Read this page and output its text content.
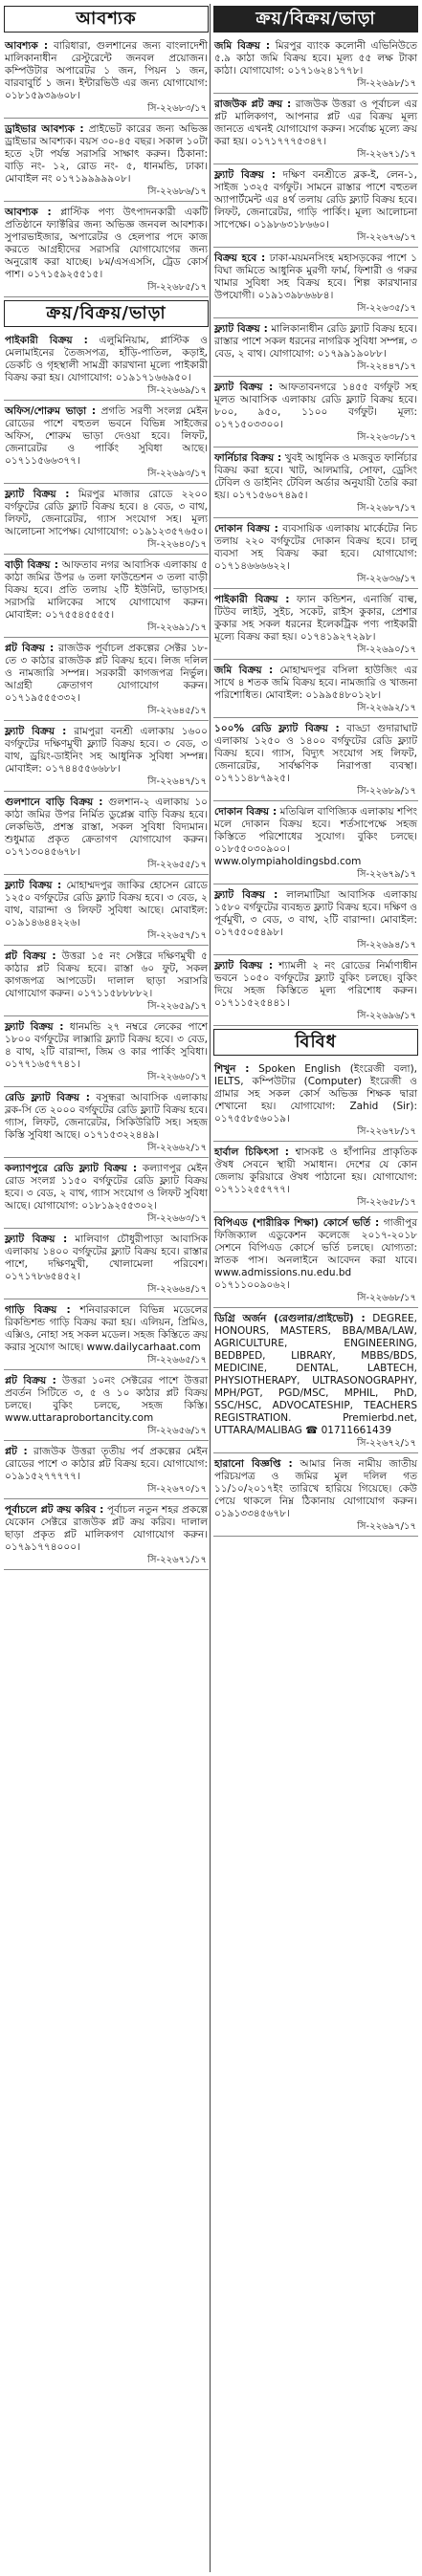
আবশ্যক

আবশ্যক : বারিধারা, গুলশানের জন্য বাংলাদেশী মালিকানাধীন রেস্টুরেন্টে জনবল প্রয়োজন। কম্পিউটার অপারেটর ১ জন, পিয়ন ১ জন, বারবাবুর্চি ১ জন। ইন্টারভিউ এর জন্য যোগাযোগ: ০১৮১৫৯৩৯৬০৮।

সি-২২৬৮৩/১৭

ড্রাইভার আবশ্যক : প্রাইভেট কারের জন্য অভিজ্ঞ ড্রাইভার আবশ্যক। বয়স ৩০-৪৫ বছর। সকাল ১০টা হতে ২টা পর্যন্ত সরাসরি সাক্ষাৎ করুন। ঠিকানা: বাড়ি নং- ১২, রোড নং- ৫, ধানমন্ডি, ঢাকা। মোবাইল নং ০১৭১৯৯৯৯৯০৮।

সি-২২৬৮৬/১৭

আবশ্যক : প্লাস্টিক পণ্য উৎপাদনকারী একটি প্রতিষ্ঠানে ফ্যাক্টরির জন্য অভিজ্ঞ জনবল আবশ্যক। সুপারভাইজার, অপারেটর ও হেলপার পদে কাজ করতে আগ্রহীদের সরাসরি যোগাযোগের জন্য অনুরোধ করা যাচ্ছে। ৮ম/এসএসসি, ট্রেড কোর্স পাশ। ০১৭১৫৯২৫৫১৫।

সি-২২৬৮৫/১৭
ক্রয়/বিক্রয়/ভাড়া

পাইকারী বিক্রয় : এলুমিনিয়াম, প্লাস্টিক ও মেলামাইনের তৈজসপত্র, হাঁড়ি-পাতিল, কড়াই, ডেকচি ও গৃহস্থালী সামগ্রী কারখানা মূল্যে পাইকারী বিক্রয় করা হয়। যোগাযোগ: ০১৯১৭১৬৬৯৫০।

সি-২২৬৬৯/১৭

অফিস/শোরুম ভাড়া : প্রগতি সরণী সংলগ্ন মেইন রোডের পাশে বহুতল ভবনে বিভিন্ন সাইজের অফিস, শোরুম ভাড়া দেওয়া হবে। লিফট, জেনারেটর ও পার্কিং সুবিধা আছে। ০১৭১১৫৬৬৩৭৭।

সি-২২৬৯৩/১৭

ফ্ল্যাট বিক্রয় : মিরপুর মাজার রোডে ২২০০ বর্গফুটের রেডি ফ্ল্যাট বিক্রয় হবে। ৪ বেড, ৩ বাথ, লিফট, জেনারেটর, গ্যাস সংযোগ সহ। মূল্য আলোচনা সাপেক্ষ। যোগাযোগ: ০১৯১২৩৫৭৬৫০।

সি-২২৬৪০/১৭

বাড়ী বিক্রয় : আফতাব নগর আবাসিক এলাকায় ৫ কাঠা জমির উপর ৬ তলা ফাউন্ডেশন ৩ তলা বাড়ী বিক্রয় হবে। প্রতি তলায় ২টি ইউনিট, ভাড়াসহ। সরাসরি মালিকের সাথে যোগাযোগ করুন। মোবাইল: ০১৭৫৫৪৫৫৫৫।

সি-২২৬৯১/১৭

প্লট বিক্রয় : রাজউক পূর্বাচল প্রকল্পের সেক্টর ১৮-তে ৩ কাঠার রাজউক প্লট বিক্রয় হবে। লিজ দলিল ও নামজারি সম্পন্ন। সরকারী কাগজপত্র নির্ভুল। আগ্রহী ক্রেতাগণ যোগাযোগ করুন। ০১৭১৯৫৫৫৩৩২।

সি-২২৬৪৫/১৭

ফ্ল্যাট বিক্রয় : রামপুরা বনশ্রী এলাকায় ১৬০০ বর্গফুটের দক্ষিণমুখী ফ্ল্যাট বিক্রয় হবে। ৩ বেড, ৩ বাথ, ড্রয়িং-ডাইনিং সহ আধুনিক সুবিধা সম্পন্ন। মোবাইল: ০১৭৪৪৫৫৬৬৮৮।

সি-২২৬৪৭/১৭

গুলশানে বাড়ি বিক্রয় : গুলশান-২ এলাকায় ১০ কাঠা জমির উপর নির্মিত ডুপ্লেক্স বাড়ি বিক্রয় হবে। লেকভিউ, প্রশস্ত রাস্তা, সকল সুবিধা বিদ্যমান। শুধুমাত্র প্রকৃত ক্রেতাগণ যোগাযোগ করুন। ০১৭১৩০৪৫৬৭৮।

সি-২২৬৫৫/১৭

ফ্ল্যাট বিক্রয় : মোহাম্মদপুর জাকির হোসেন রোডে ১২৫০ বর্গফুটের রেডি ফ্ল্যাট বিক্রয় হবে। ৩ বেড, ২ বাথ, বারান্দা ও লিফট সুবিধা আছে। মোবাইল: ০১৯১৪৬৪৪২২৬।

সি-২২৬৫৭/১৭

প্লট বিক্রয় : উত্তরা ১৫ নং সেক্টরে দক্ষিণমুখী ৫ কাঠার প্লট বিক্রয় হবে। রাস্তা ৬০ ফুট, সকল কাগজপত্র আপডেট। দালাল ছাড়া সরাসরি যোগাযোগ করুন। ০১৭১১৫৮৮৮৮২।

সি-২২৬৫৯/১৭

ফ্ল্যাট বিক্রয় : ধানমন্ডি ২৭ নম্বরে লেকের পাশে ১৮০০ বর্গফুটের লাক্সারি ফ্ল্যাট বিক্রয় হবে। ৩ বেড, ৪ বাথ, ২টি বারান্দা, জিম ও কার পার্কিং সুবিধা। ০১৭৭১৬৫৭৭৪১।

সি-২২৬৬০/১৭

রেডি ফ্ল্যাট বিক্রয় : বসুন্ধরা আবাসিক এলাকায় ব্লক-সি তে ২০০০ বর্গফুটের রেডি ফ্ল্যাট বিক্রয় হবে। গ্যাস, লিফট, জেনারেটর, সিকিউরিটি সহ। সহজ কিস্তি সুবিধা আছে। ০১৭১৫৩২২৪৪৯।

সি-২২৬৬২/১৭

কল্যাণপুরে রেডি ফ্ল্যাট বিক্রয় : কল্যাণপুর মেইন রোড সংলগ্ন ১১৫০ বর্গফুটের রেডি ফ্ল্যাট বিক্রয় হবে। ৩ বেড, ২ বাথ, গ্যাস সংযোগ ও লিফট সুবিধা আছে। যোগাযোগ: ০১৮১৯২৫৫৩০২।

সি-২২৬৬৩/১৭

ফ্ল্যাট বিক্রয় : মালিবাগ চৌধুরীপাড়া আবাসিক এলাকায় ১৪০০ বর্গফুটের ফ্ল্যাট বিক্রয় হবে। রাস্তার পাশে, দক্ষিণমুখী, খোলামেলা পরিবেশ। ০১৭১৭৮৬৫৪৫২।

সি-২২৬৬৪/১৭

গাড়ি বিক্রয় : শনিবারকালে বিভিন্ন মডেলের রিকন্ডিশন্ড গাড়ি বিক্রয় করা হয়। এলিয়ন, প্রিমিও, এক্সিও, নোহা সহ সকল মডেল। সহজ কিস্তিতে ক্রয় করার সুযোগ আছে। www.dailycarhaat.com

সি-২২৬৬৫/১৭

প্লট বিক্রয় : উত্তরা ১০নং সেক্টরের পাশে উত্তরা প্রবর্তন সিটিতে ৩, ৫ ও ১০ কাঠার প্লট বিক্রয় চলছে। বুকিং চলছে, সহজ কিস্তি। www.uttaraprobortancity.com

সি-২২৬৫৬/১৭

প্লট : রাজউক উত্তরা তৃতীয় পর্ব প্রকল্পের মেইন রোডের পাশে ৩ কাঠার প্লট বিক্রয় হবে। যোগাযোগ: ০১৯১৫২৭৭৭৭৭।

সি-২২৬৭০/১৭

পূর্বাচলে প্লট ক্রয় করিব : পূর্বাচল নতুন শহর প্রকল্পে যেকোন সেক্টরে রাজউক প্লট ক্রয় করিব। দালাল ছাড়া প্রকৃত প্লট মালিকগণ যোগাযোগ করুন। ০১৭৯১৭৭৪০০০।

সি-২২৬৭১/১৭
ক্রয়/বিক্রয়/ভাড়া

জমি বিক্রয় : মিরপুর ব্যাংক কলোনী এভিনিউতে ৫.৯ কাঠা জমি বিক্রয় হবে। মূল্য ৫৫ লক্ষ টাকা কাঠা। যোগাযোগ: ০১৭১৬২৪১৭৭৮।

সি-২২৬৯৮/১৭

রাজউক প্লট ক্রয় : রাজউক উত্তরা ও পূর্বাচল এর প্লট মালিকগণ, আপনার প্লট এর বিক্রয় মূল্য জানতে এখনই যোগাযোগ করুন। সর্বোচ্চ মূল্যে ক্রয় করা হয়। ০১৭১৭৭৭৫৩৪৭।

সি-২২৬৭১/১৭

ফ্ল্যাট বিক্রয় : দক্ষিণ বনশ্রীতে ব্লক-ই, লেন-১, সাইজ ১৩২৫ বর্গফুট। সামনে রাস্তার পাশে বহুতল অ্যাপার্টমেন্ট এর ৪র্থ তলায় রেডি ফ্ল্যাট বিক্রয় হবে। লিফট, জেনারেটর, গাড়ি পার্কিং। মূল্য আলোচনা সাপেক্ষে। ০১৯৮৬৩১৮৬৬০।

সি-২২৬৭৬/১৭

বিক্রয় হবে : ঢাকা-ময়মনসিংহ মহাসড়কের পাশে ১ বিঘা জমিতে আধুনিক মুরগী ফার্ম, ফিশারী ও গরুর খামার সুবিধা সহ বিক্রয় হবে। শিল্প কারখানার উপযোগী। ০১৯১৩৯৮৬৬৮৪।

সি-২২৬৩৫/১৭

ফ্ল্যাট বিক্রয় : মালিকানাধীন রেডি ফ্ল্যাট বিক্রয় হবে। রাস্তার পাশে সকল ধরনের নাগরিক সুবিধা সম্পন্ন, ৩ বেড, ২ বাথ। যোগাযোগ: ০১৭৯৯১৯০৮৮।

সি-২২৪৪৭/১৭

ফ্ল্যাট বিক্রয় : আফতাবনগরে ১৪৫৫ বর্গফুট সহ মূলত আবাসিক এলাকায় রেডি ফ্ল্যাট বিক্রয় হবে। ৮০০, ৯৫০, ১১০০ বর্গফুট। মূল্য: ০১৭১৫০৩৩০০।

সি-২২৬৩৮/১৭

ফার্নিচার বিক্রয় : খুবই আধুনিক ও মজবুত ফার্নিচার বিক্রয় করা হবে। খাট, আলমারি, সোফা, ড্রেসিং টেবিল ও ডাইনিং টেবিল অর্ডার অনুযায়ী তৈরি করা হয়। ০১৭১৫৬০৭৪৯৫।

সি-২২৬৮৭/১৭

দোকান বিক্রয় : ব্যবসায়িক এলাকায় মার্কেটের নিচ তলায় ২২০ বর্গফুটের দোকান বিক্রয় হবে। চালু ব্যবসা সহ বিক্রয় করা হবে। যোগাযোগ: ০১৭১৪৬৬৬৬২২।

সি-২২৬৩৬/১৭

পাইকারী বিক্রয় : ফ্যান কন্ডিশন, এনার্জি বাল্ব, টিউব লাইট, সুইচ, সকেট, রাইস কুকার, প্রেশার কুকার সহ সকল ধরনের ইলেকট্রিক পণ্য পাইকারী মূল্যে বিক্রয় করা হয়। ০১৭৪১৯২৭২৯৮।

সি-২২৬৯০/১৭

জমি বিক্রয় : মোহাম্মদপুর বসিলা হাউজিং এর সাথে ৪ শতক জমি বিক্রয় হবে। নামজারি ও খাজনা পরিশোধিত। মোবাইল: ০১৯৯৫৪৮০১২৮।

সি-২২৬৯২/১৭

১০০% রেডি ফ্ল্যাট বিক্রয় : বাড্ডা গুদারাঘাট এলাকায় ১২৫০ ও ১৪০০ বর্গফুটের রেডি ফ্ল্যাট বিক্রয় হবে। গ্যাস, বিদ্যুৎ সংযোগ সহ লিফট, জেনারেটর, সার্বক্ষণিক নিরাপত্তা ব্যবস্থা। ০১৭১১৪৮৭৯২৫।

সি-২২৬৮৯/১৭

দোকান বিক্রয় : মতিঝিল বাণিজ্যিক এলাকায় শপিং মলে দোকান বিক্রয় হবে। শর্তসাপেক্ষে সহজ কিস্তিতে পরিশোধের সুযোগ। বুকিং চলছে। ০১৮৫৫০৩০৯০০। www.olympiaholdingsbd.com

সি-২২৬৭৯/১৭

ফ্ল্যাট বিক্রয় : লালমাটিয়া আবাসিক এলাকায় ১৫৮০ বর্গফুটের ব্যবহৃত ফ্ল্যাট বিক্রয় হবে। দক্ষিণ ও পূর্বমুখী, ৩ বেড, ৩ বাথ, ২টি বারান্দা। মোবাইল: ০১৭৫৫০৫৪৯৮।

সি-২২৬৯৪/১৭

ফ্ল্যাট বিক্রয় : শ্যামলী ২ নং রোডের নির্মাণাধীন ভবনে ১০৫০ বর্গফুটের ফ্ল্যাট বুকিং চলছে। বুকিং দিয়ে সহজ কিস্তিতে মূল্য পরিশোধ করুন। ০১৭১১৫২৫৪৪১।

সি-২২৬৯৬/১৭
বিবিধ

শিখুন : Spoken English (ইংরেজী বলা), IELTS, কম্পিউটার (Computer) ইংরেজী ও গ্রামার সহ সকল কোর্স অভিজ্ঞ শিক্ষক দ্বারা শেখানো হয়। যোগাযোগ: Zahid (Sir): ০১৭৫৫৮৫৬০১৯।

সি-২২৬৭৮/১৭

হার্বাল চিকিৎসা : শ্বাসকষ্ট ও হাঁপানির প্রাকৃতিক ঔষধ সেবনে স্থায়ী সমাধান। দেশের যে কোন জেলায় কুরিয়ারে ঔষধ পাঠানো হয়। যোগাযোগ: ০১৭১১২৫৫৭৭৭।

সি-২২৬৫৮/১৭

বিপিএড (শারীরিক শিক্ষা) কোর্সে ভর্তি : গাজীপুর ফিজিক্যাল এডুকেশন কলেজে ২০১৭-২০১৮ সেশনে বিপিএড কোর্সে ভর্তি চলছে। যোগ্যতা: স্নাতক পাস। অনলাইনে আবেদন করা যাবে। www.admissions.nu.edu.bd ০১৭১১০০৯০৬২।

সি-২২৬৬৮/১৭

ডিগ্রি অর্জন (রেগুলার/প্রাইভেট) : DEGREE, HONOURS, MASTERS, BBA/MBA/LAW, AGRICULTURE, ENGINEERING, BEDBPED, LIBRARY, MBBS/BDS, MEDICINE, DENTAL, LABTECH, PHYSIOTHERAPY, ULTRASONOGRAPHY, MPH/PGT, PGD/MSC, MPHIL, PhD, SSC/HSC, ADVOCATESHIP, TEACHERS REGISTRATION. Premierbd.net, UTTARA/MALIBAG ☎ 01711661439

সি-২২৬৭২/১৭

হারানো বিজ্ঞপ্তি : আমার নিজ নামীয় জাতীয় পরিচয়পত্র ও জমির মূল দলিল গত ১১/১০/২০১৭ইং তারিখে হারিয়ে গিয়েছে। কেউ পেয়ে থাকলে নিম্ন ঠিকানায় যোগাযোগ করুন। ০১৯১৩৩৪৫৬৭৮।

সি-২২৬৯৭/১৭
